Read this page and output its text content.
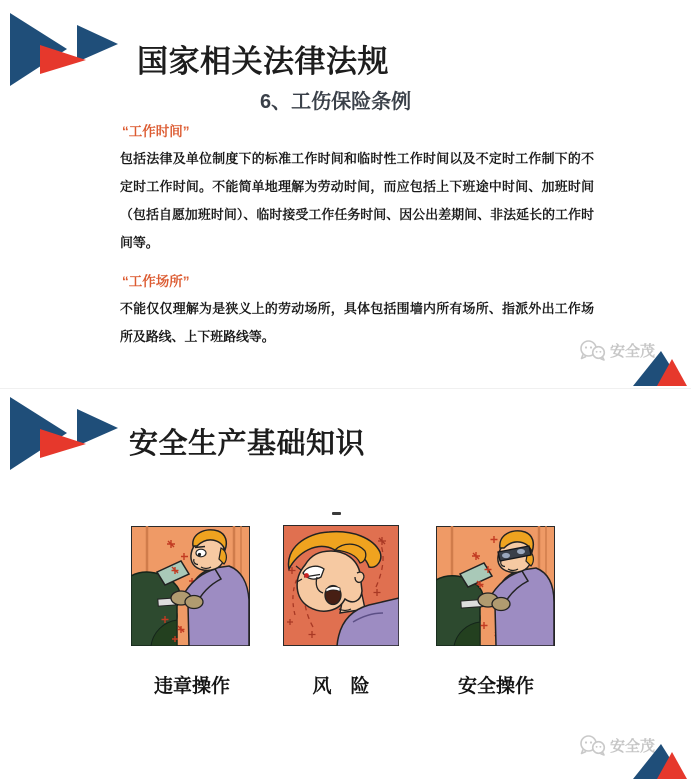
国家相关法律法规
6、工伤保险条例
“工作时间”

包括法律及单位制度下的标准工作时间和临时性工作时间以及不定时工作制下的不定时工作时间。不能简单地理解为劳动时间，而应包括上下班途中时间、加班时间（包括自愿加班时间）、临时接受工作任务时间、因公出差期间、非法延长的工作时间等。

“工作场所”

不能仅仅理解为是狭义上的劳动场所，具体包括围墙内所有场所、指派外出工作场所及路线、上下班路线等。

安全茂
安全生产基础知识
违章操作	风　险	安全操作
安全茂
